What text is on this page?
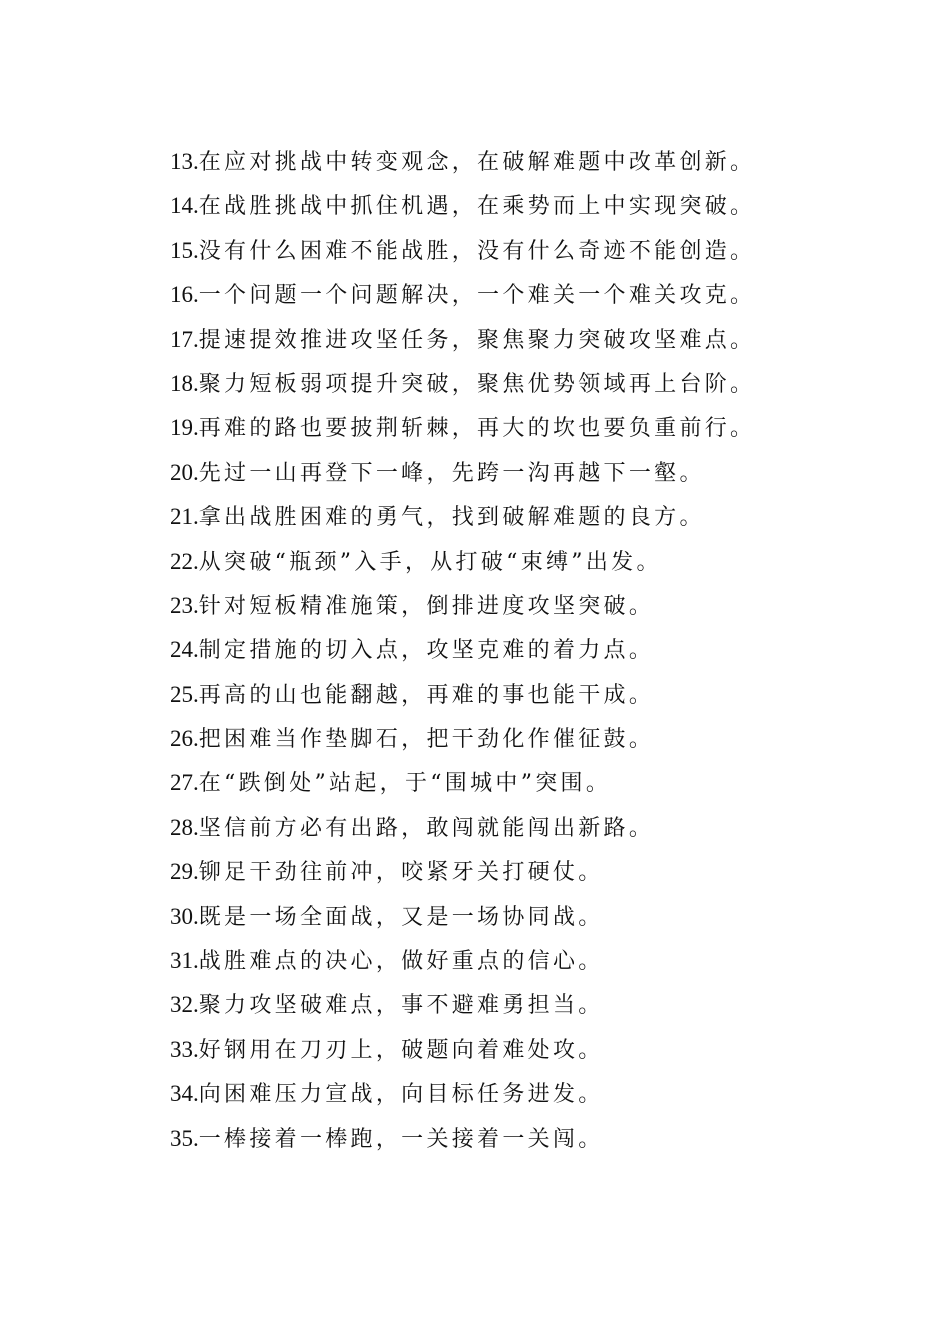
13.在应对挑战中转变观念，在破解难题中改革创新。
14.在战胜挑战中抓住机遇，在乘势而上中实现突破。
15.没有什么困难不能战胜，没有什么奇迹不能创造。
16.一个问题一个问题解决，一个难关一个难关攻克。
17.提速提效推进攻坚任务，聚焦聚力突破攻坚难点。
18.聚力短板弱项提升突破，聚焦优势领域再上台阶。
19.再难的路也要披荆斩棘，再大的坎也要负重前行。
20.先过一山再登下一峰，先跨一沟再越下一壑。
21.拿出战胜困难的勇气，找到破解难题的良方。
22.从突破“瓶颈”入手，从打破“束缚”出发。
23.针对短板精准施策，倒排进度攻坚突破。
24.制定措施的切入点，攻坚克难的着力点。
25.再高的山也能翻越，再难的事也能干成。
26.把困难当作垫脚石，把干劲化作催征鼓。
27.在“跌倒处”站起，于“围城中”突围。
28.坚信前方必有出路，敢闯就能闯出新路。
29.铆足干劲往前冲，咬紧牙关打硬仗。
30.既是一场全面战，又是一场协同战。
31.战胜难点的决心，做好重点的信心。
32.聚力攻坚破难点，事不避难勇担当。
33.好钢用在刀刃上，破题向着难处攻。
34.向困难压力宣战，向目标任务进发。
35.一棒接着一棒跑，一关接着一关闯。
